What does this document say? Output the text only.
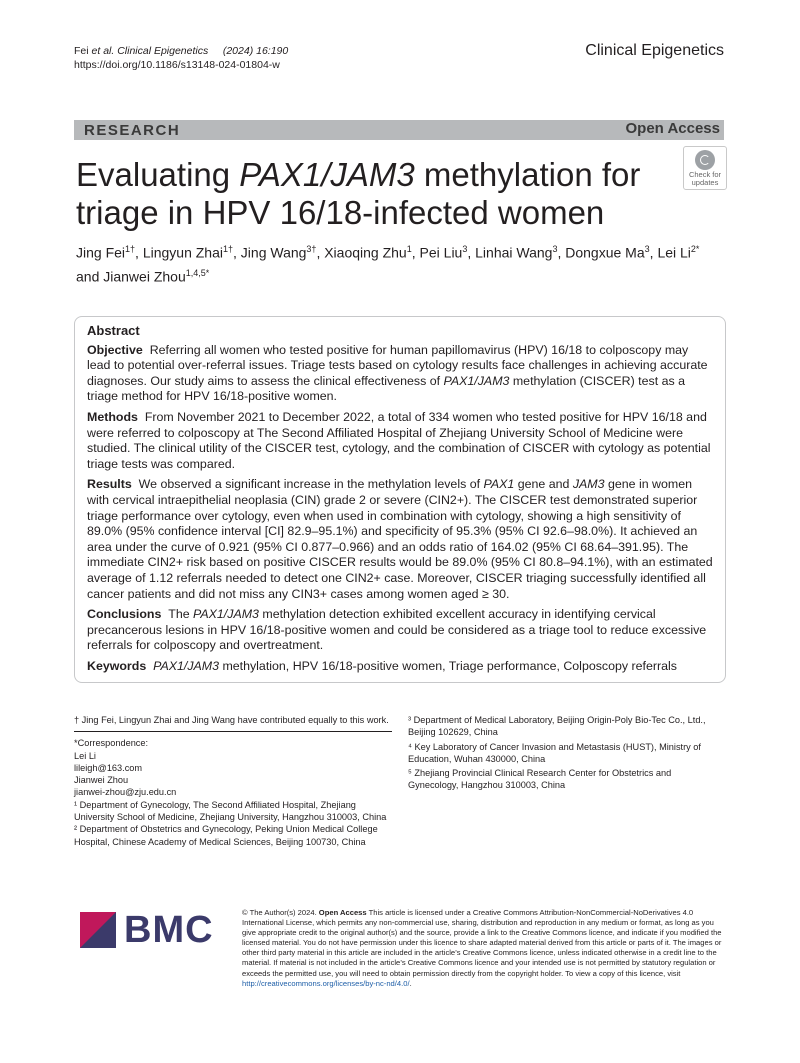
Fei et al. Clinical Epigenetics (2024) 16:190
https://doi.org/10.1186/s13148-024-01804-w
Clinical Epigenetics
RESEARCH	Open Access
Evaluating PAX1/JAM3 methylation for triage in HPV 16/18-infected women
Check for
updates
Jing Fei$^{1\dagger}$, Lingyun Zhai$^{1\dagger}$, Jing Wang$^{3\dagger}$, Xiaoqing Zhu$^1$, Pei Liu$^3$, Linhai Wang$^3$, Dongxue Ma$^3$, Lei $Li^{2*}$ and Jianwei Zhou$^{1,4,5*}$
Abstract

Objective Referring all women who tested positive for human papillomavirus (HPV) 16/18 to colposcopy may lead to potential over-referral issues. Triage tests based on cytology results face challenges in achieving accurate diagnoses. Our study aims to assess the clinical effectiveness of PAX1/JAM3 methylation (CISCER) test as a triage method for HPV 16/18-positive women.

Methods From November 2021 to December 2022, a total of 334 women who tested positive for HPV 16/18 and were referred to colposcopy at The Second Affiliated Hospital of Zhejiang University School of Medicine were studied. The clinical utility of the CISCER test, cytology, and the combination of CISCER with cytology as potential triage tests was compared.

Results We observed a significant increase in the methylation levels of PAX1 gene and JAM3 gene in women with cervical intraepithelial neoplasia (CIN) grade 2 or severe (CIN2+). The CISCER test demonstrated superior triage performance over cytology, even when used in combination with cytology, showing a high sensitivity of 89.0% (95% confidence interval [CI] 82.9–95.1%) and specificity of 95.3% (95% CI 92.6–98.0%). It achieved an area under the curve of 0.921 (95% CI 0.877–0.966) and an odds ratio of 164.02 (95% CI 68.64–391.95). The immediate CIN2+ risk based on positive CISCER results would be 89.0% (95% CI 80.8–94.1%), with an estimated average of 1.12 referrals needed to detect one CIN2+ case. Moreover, CISCER triaging successfully identified all cancer patients and did not miss any CIN3+ cases among women aged ≥ 30.

Conclusions The PAX1/JAM3 methylation detection exhibited excellent accuracy in identifying cervical precancerous lesions in HPV 16/18-positive women and could be considered as a triage tool to reduce excessive referrals for colposcopy and overtreatment.

Keywords PAX1/JAM3 methylation, HPV 16/18-positive women, Triage performance, Colposcopy referrals

† Jing Fei, Lingyun Zhai and Jing Wang have contributed equally to this work.
*Correspondence:
Lei Li
lileigh@163.com
Jianwei Zhou
jianwei-zhou@zju.edu.cn
¹ Department of Gynecology, The Second Affiliated Hospital, Zhejiang University School of Medicine, Zhejiang University, Hangzhou 310003, China
² Department of Obstetrics and Gynecology, Peking Union Medical College Hospital, Chinese Academy of Medical Sciences, Beijing 100730, China
³ Department of Medical Laboratory, Beijing Origin-Poly Bio-Tec Co., Ltd., Beijing 102629, China
⁴ Key Laboratory of Cancer Invasion and Metastasis (HUST), Ministry of Education, Wuhan 430000, China
⁵ Zhejiang Provincial Clinical Research Center for Obstetrics and Gynecology, Hangzhou 310003, China
BMC	© The Author(s) 2024. Open Access This article is licensed under a Creative Commons Attribution-NonCommercial-NoDerivatives 4.0 International License, which permits any non-commercial use, sharing, distribution and reproduction in any medium or format, as long as you give appropriate credit to the original author(s) and the source, provide a link to the Creative Commons licence, and indicate if you modified the licensed material. You do not have permission under this licence to share adapted material derived from this article or parts of it. The images or other third party material in this article are included in the article’s Creative Commons licence, unless indicated otherwise in a credit line to the material. If material is not included in the article’s Creative Commons licence and your intended use is not permitted by statutory regulation or exceeds the permitted use, you will need to obtain permission directly from the copyright holder. To view a copy of this licence, visit http://creativecommons.org/licenses/by-nc-nd/4.0/.
